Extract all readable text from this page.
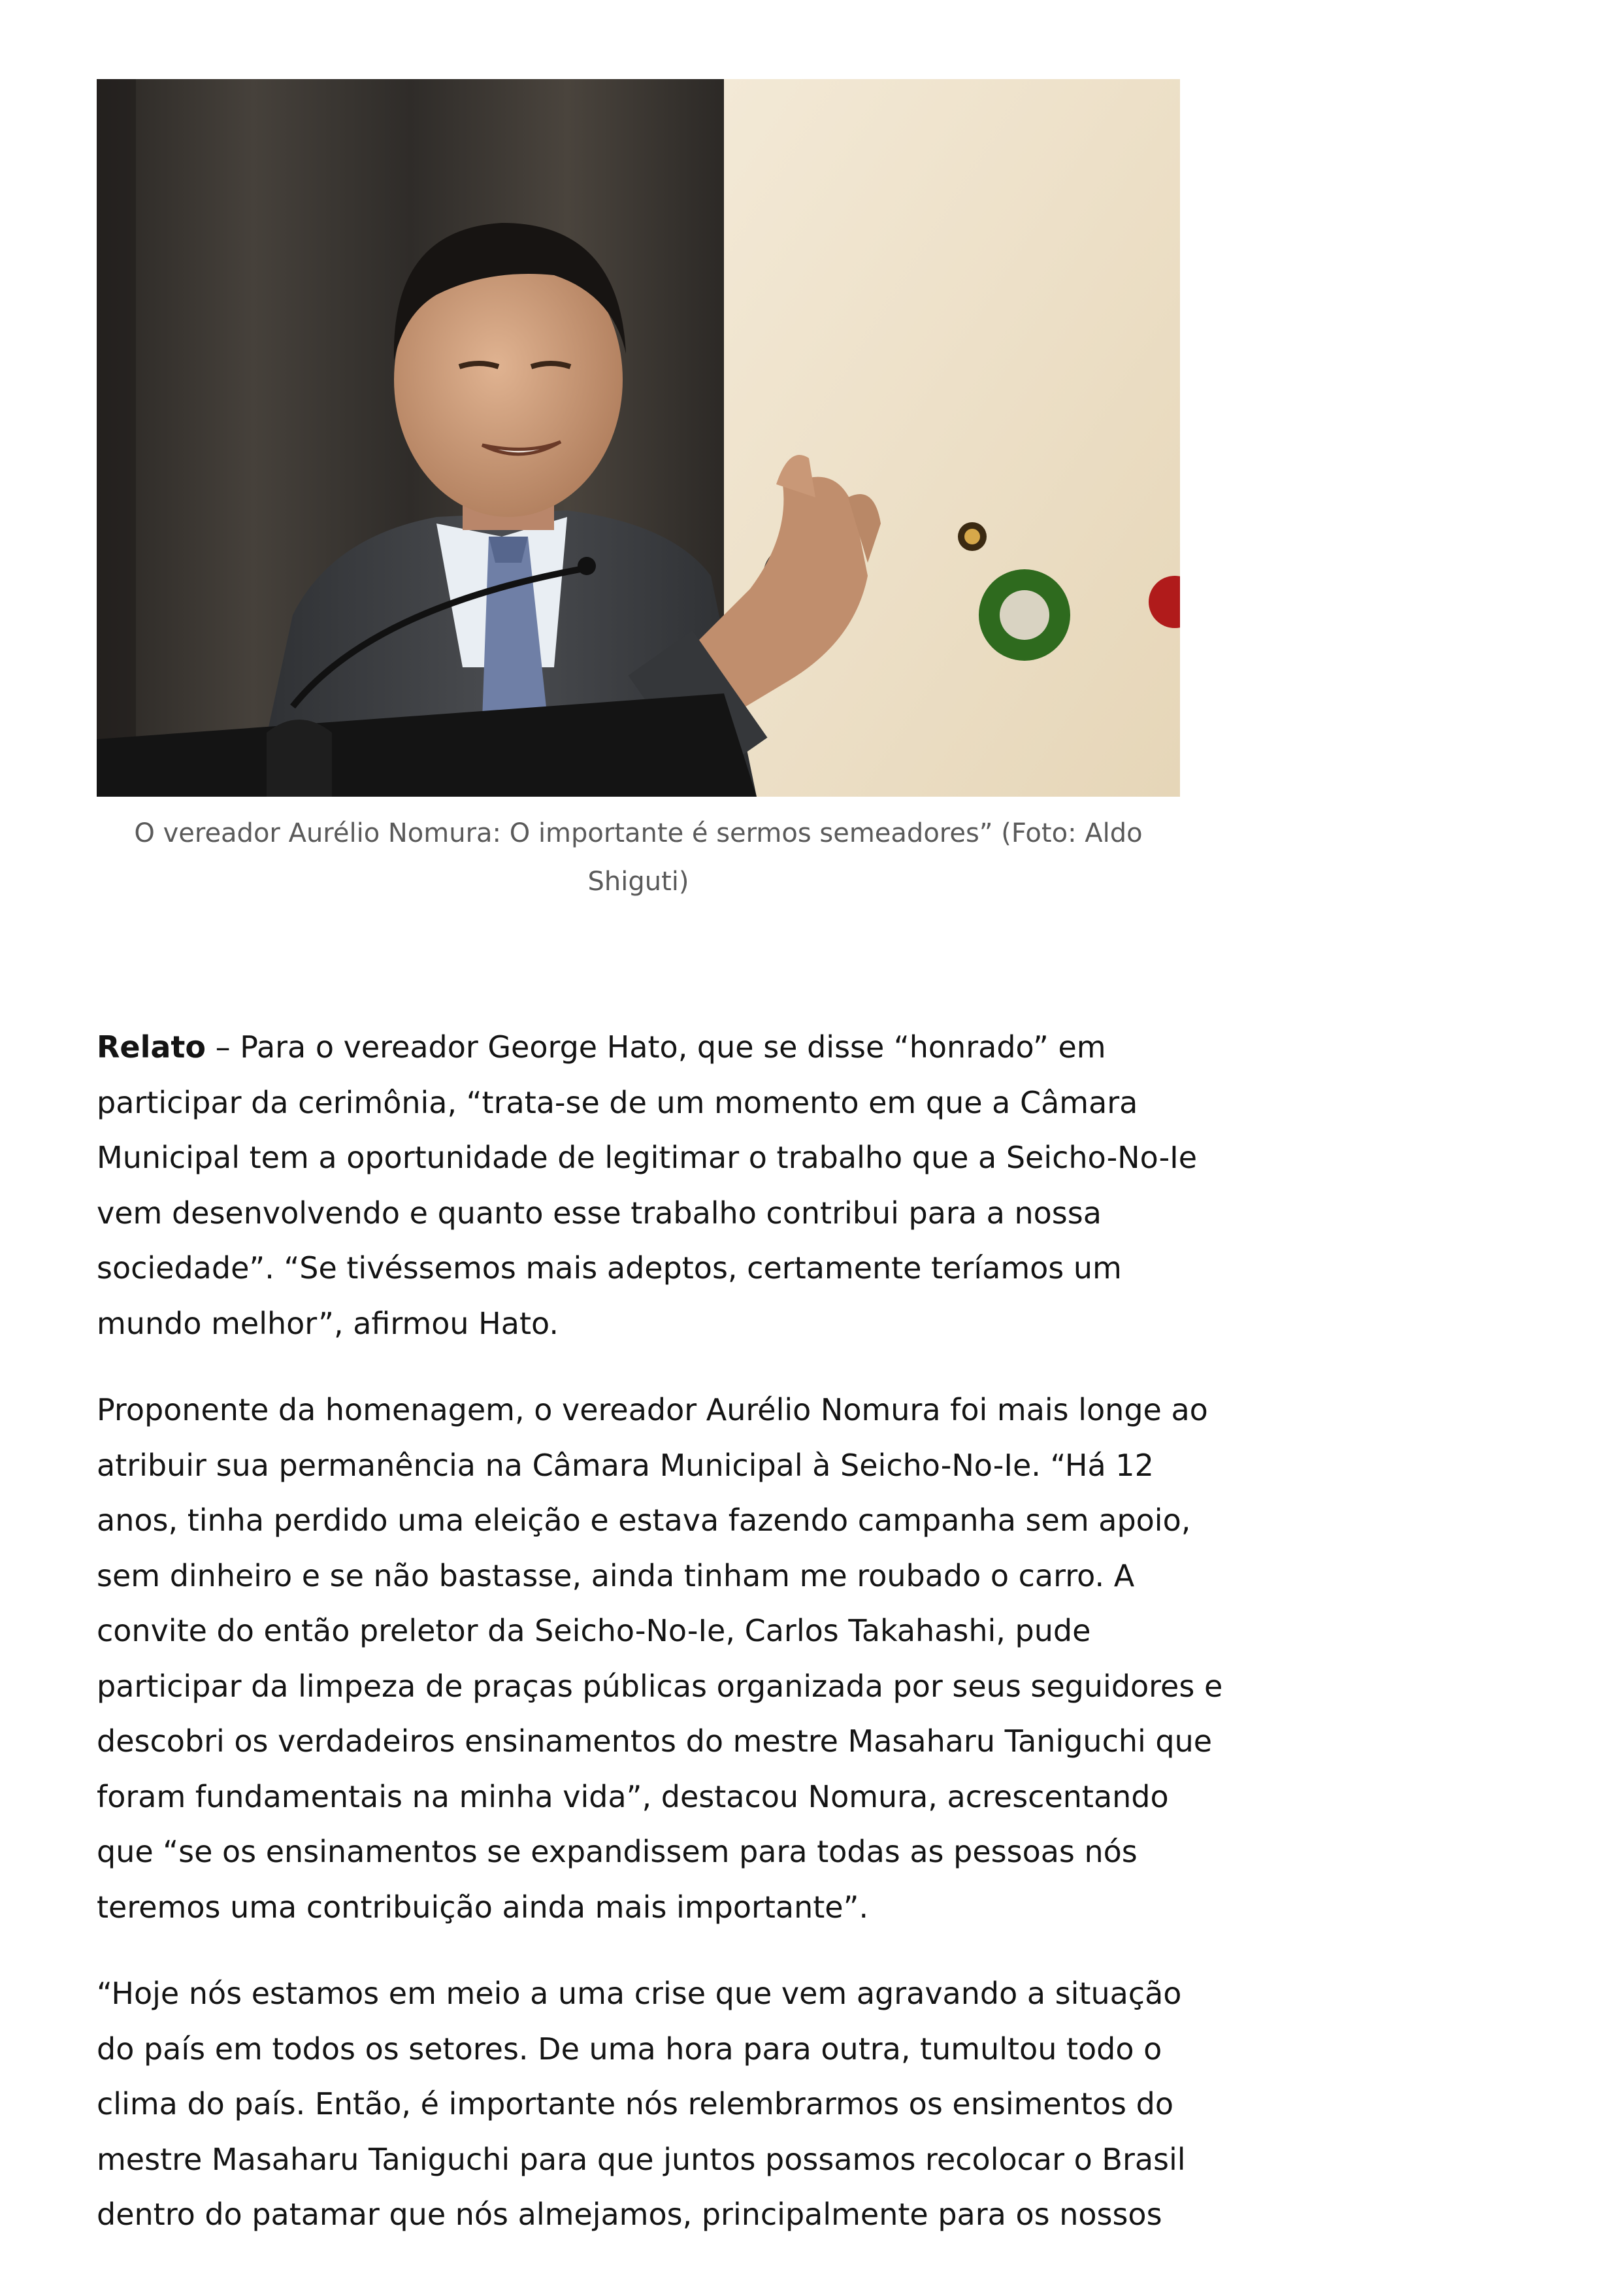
O vereador Aurélio Nomura: O importante é sermos semeadores” (Foto: Aldo
Shiguti)

Relato – Para o vereador George Hato, que se disse “honrado” em
participar da cerimônia, “trata-se de um momento em que a Câmara
Municipal tem a oportunidade de legitimar o trabalho que a Seicho-No-Ie
vem desenvolvendo e quanto esse trabalho contribui para a nossa
sociedade”. “Se tivéssemos mais adeptos, certamente teríamos um
mundo melhor”, afirmou Hato.

Proponente da homenagem, o vereador Aurélio Nomura foi mais longe ao
atribuir sua permanência na Câmara Municipal à Seicho-No-Ie. “Há 12
anos, tinha perdido uma eleição e estava fazendo campanha sem apoio,
sem dinheiro e se não bastasse, ainda tinham me roubado o carro. A
convite do então preletor da Seicho-No-Ie, Carlos Takahashi, pude
participar da limpeza de praças públicas organizada por seus seguidores e
descobri os verdadeiros ensinamentos do mestre Masaharu Taniguchi que
foram fundamentais na minha vida”, destacou Nomura, acrescentando
que “se os ensinamentos se expandissem para todas as pessoas nós
teremos uma contribuição ainda mais importante”.

“Hoje nós estamos em meio a uma crise que vem agravando a situação
do país em todos os setores. De uma hora para outra, tumultou todo o
clima do país. Então, é importante nós relembrarmos os ensimentos do
mestre Masaharu Taniguchi para que juntos possamos recolocar o Brasil
dentro do patamar que nós almejamos, principalmente para os nossos
